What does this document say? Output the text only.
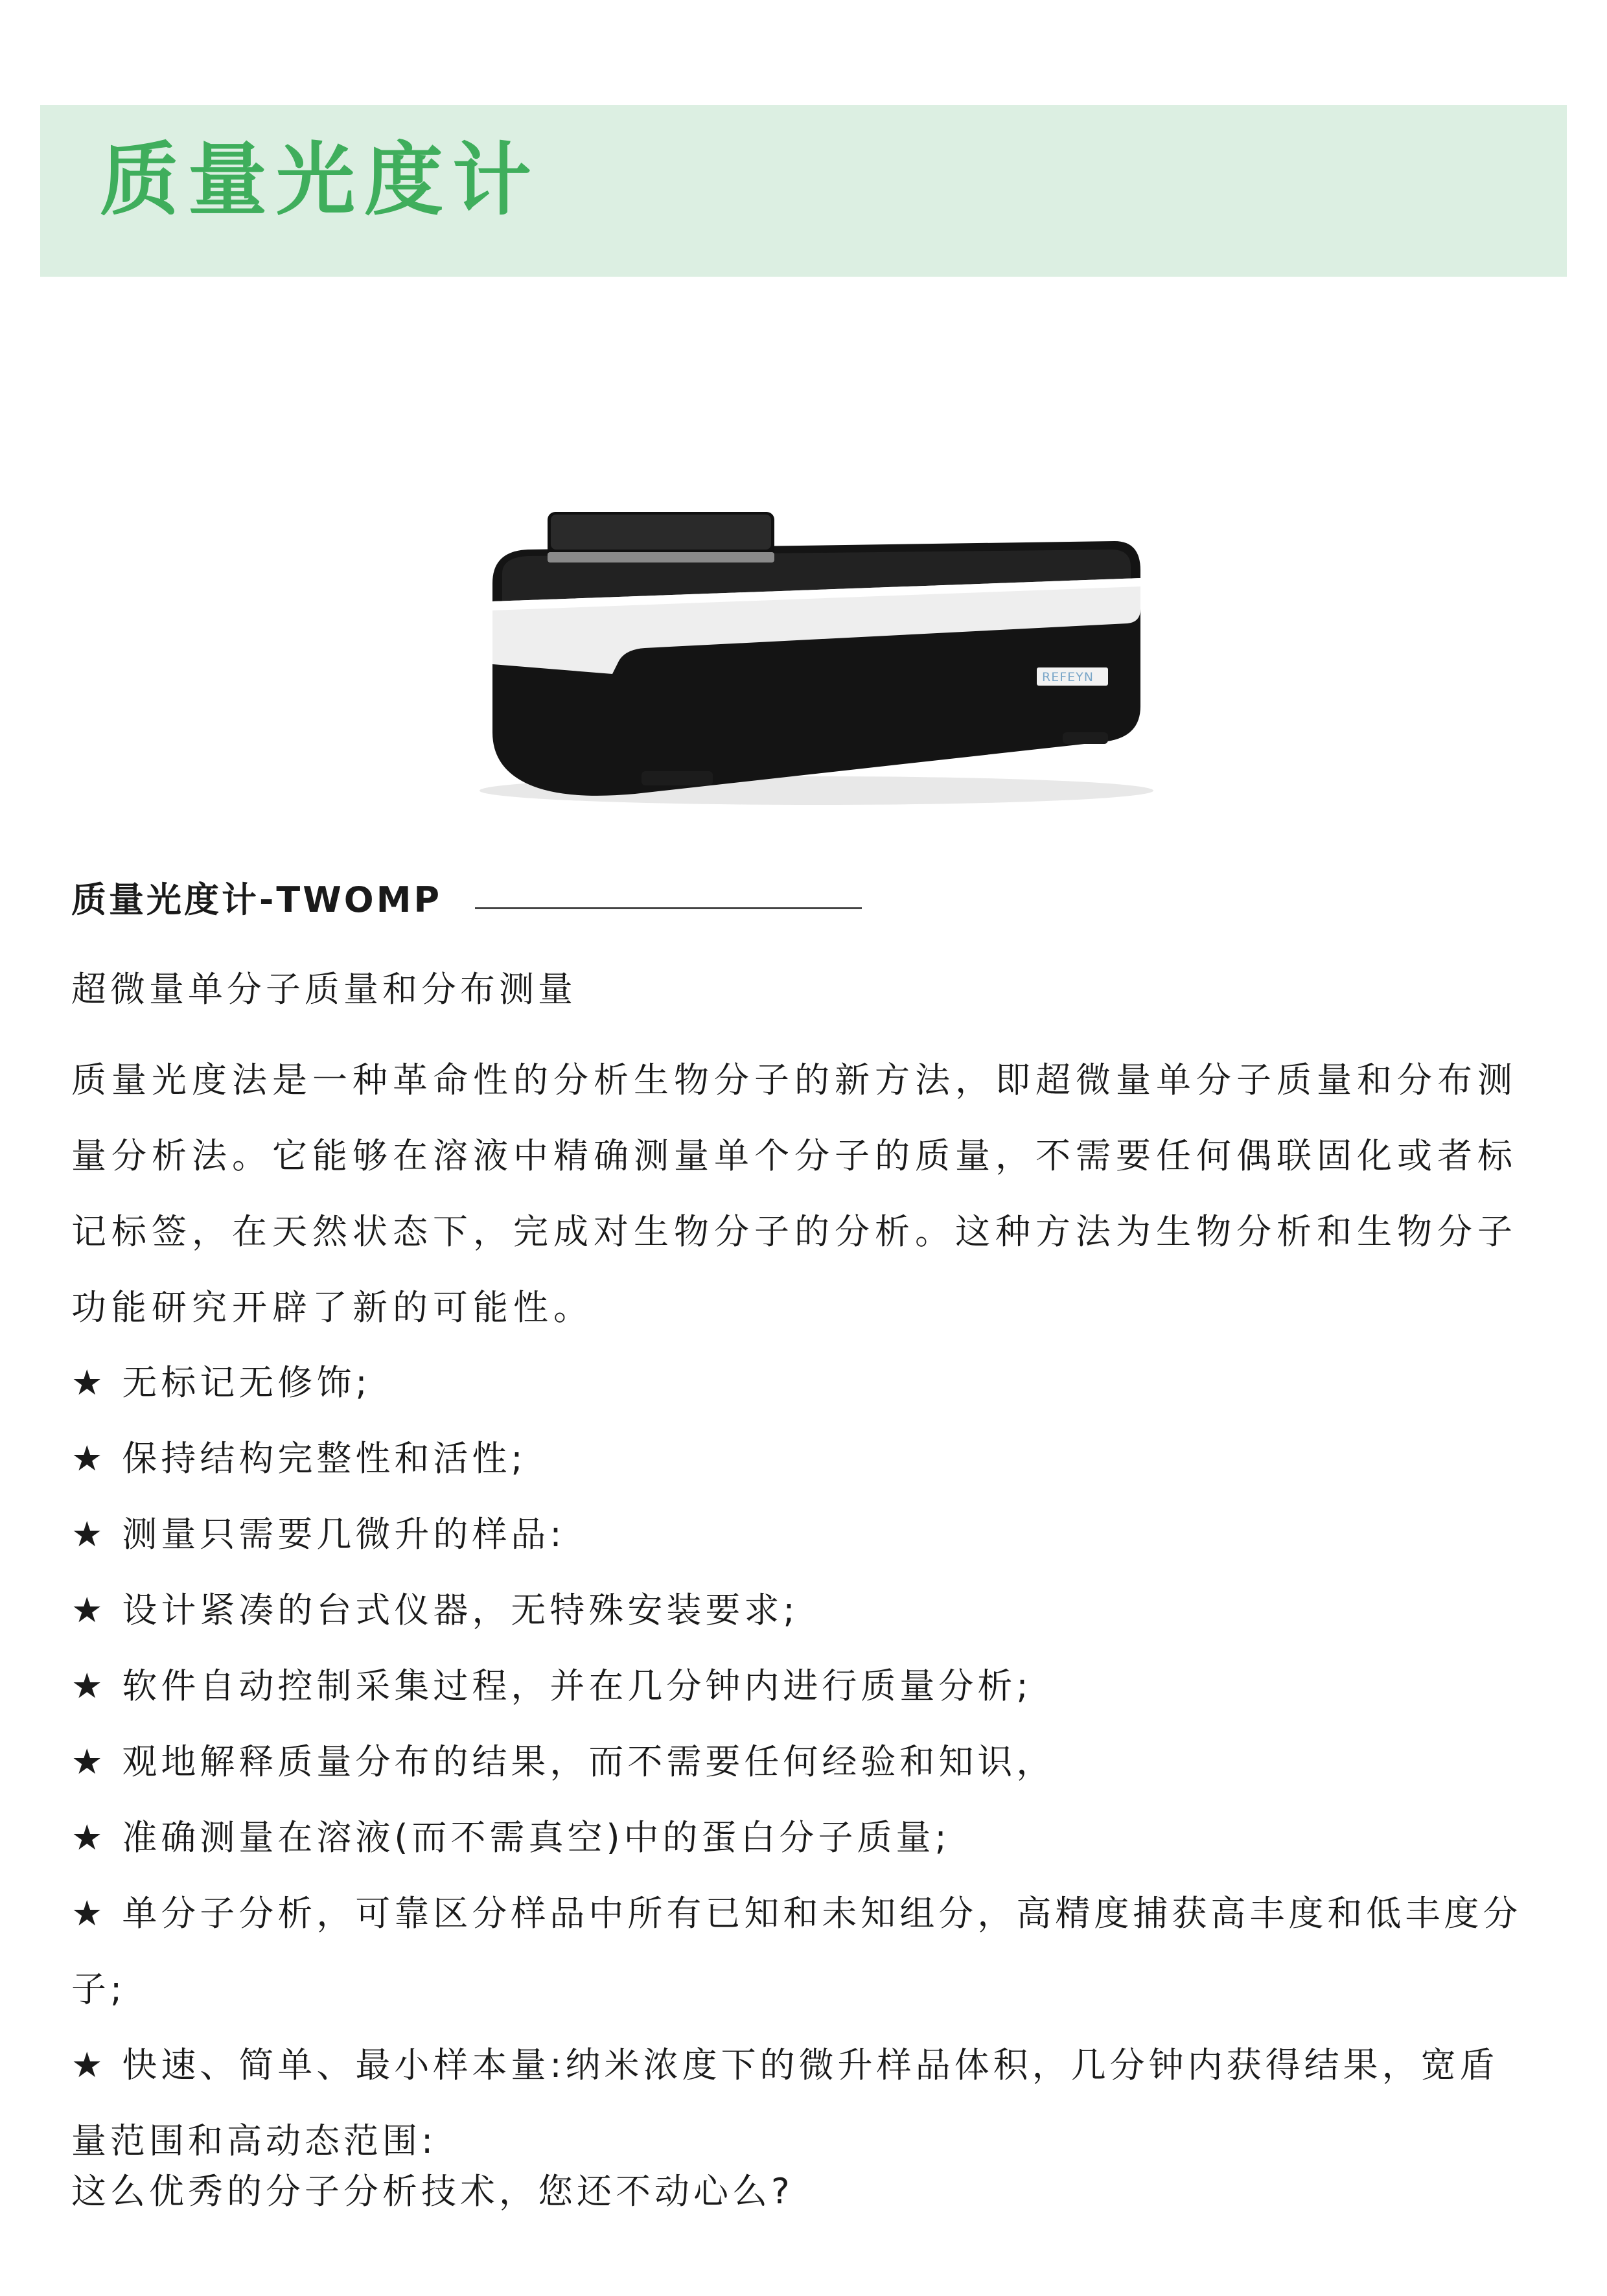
质量光度计
REFEYN
质量光度计-TWOMP
超微量单分子质量和分布测量

质量光度法是一种革命性的分析生物分子的新方法，即超微量单分子质量和分布测量分析法。它能够在溶液中精确测量单个分子的质量，不需要任何偶联固化或者标记标签，在天然状态下，完成对生物分子的分析。这种方法为生物分析和生物分子功能研究开辟了新的可能性。

★ 无标记无修饰;
★ 保持结构完整性和活性;
★ 测量只需要几微升的样品:
★ 设计紧凑的台式仪器，无特殊安装要求;
★ 软件自动控制采集过程，并在几分钟内进行质量分析;
★ 观地解释质量分布的结果，而不需要任何经验和知识，
★ 准确测量在溶液(而不需真空)中的蛋白分子质量;
★ 单分子分析，可靠区分样品中所有已知和未知组分，高精度捕获高丰度和低丰度分子;
★ 快速、简单、最小样本量:纳米浓度下的微升样品体积，几分钟内获得结果，宽盾量范围和高动态范围:
这么优秀的分子分析技术，您还不动心么?
